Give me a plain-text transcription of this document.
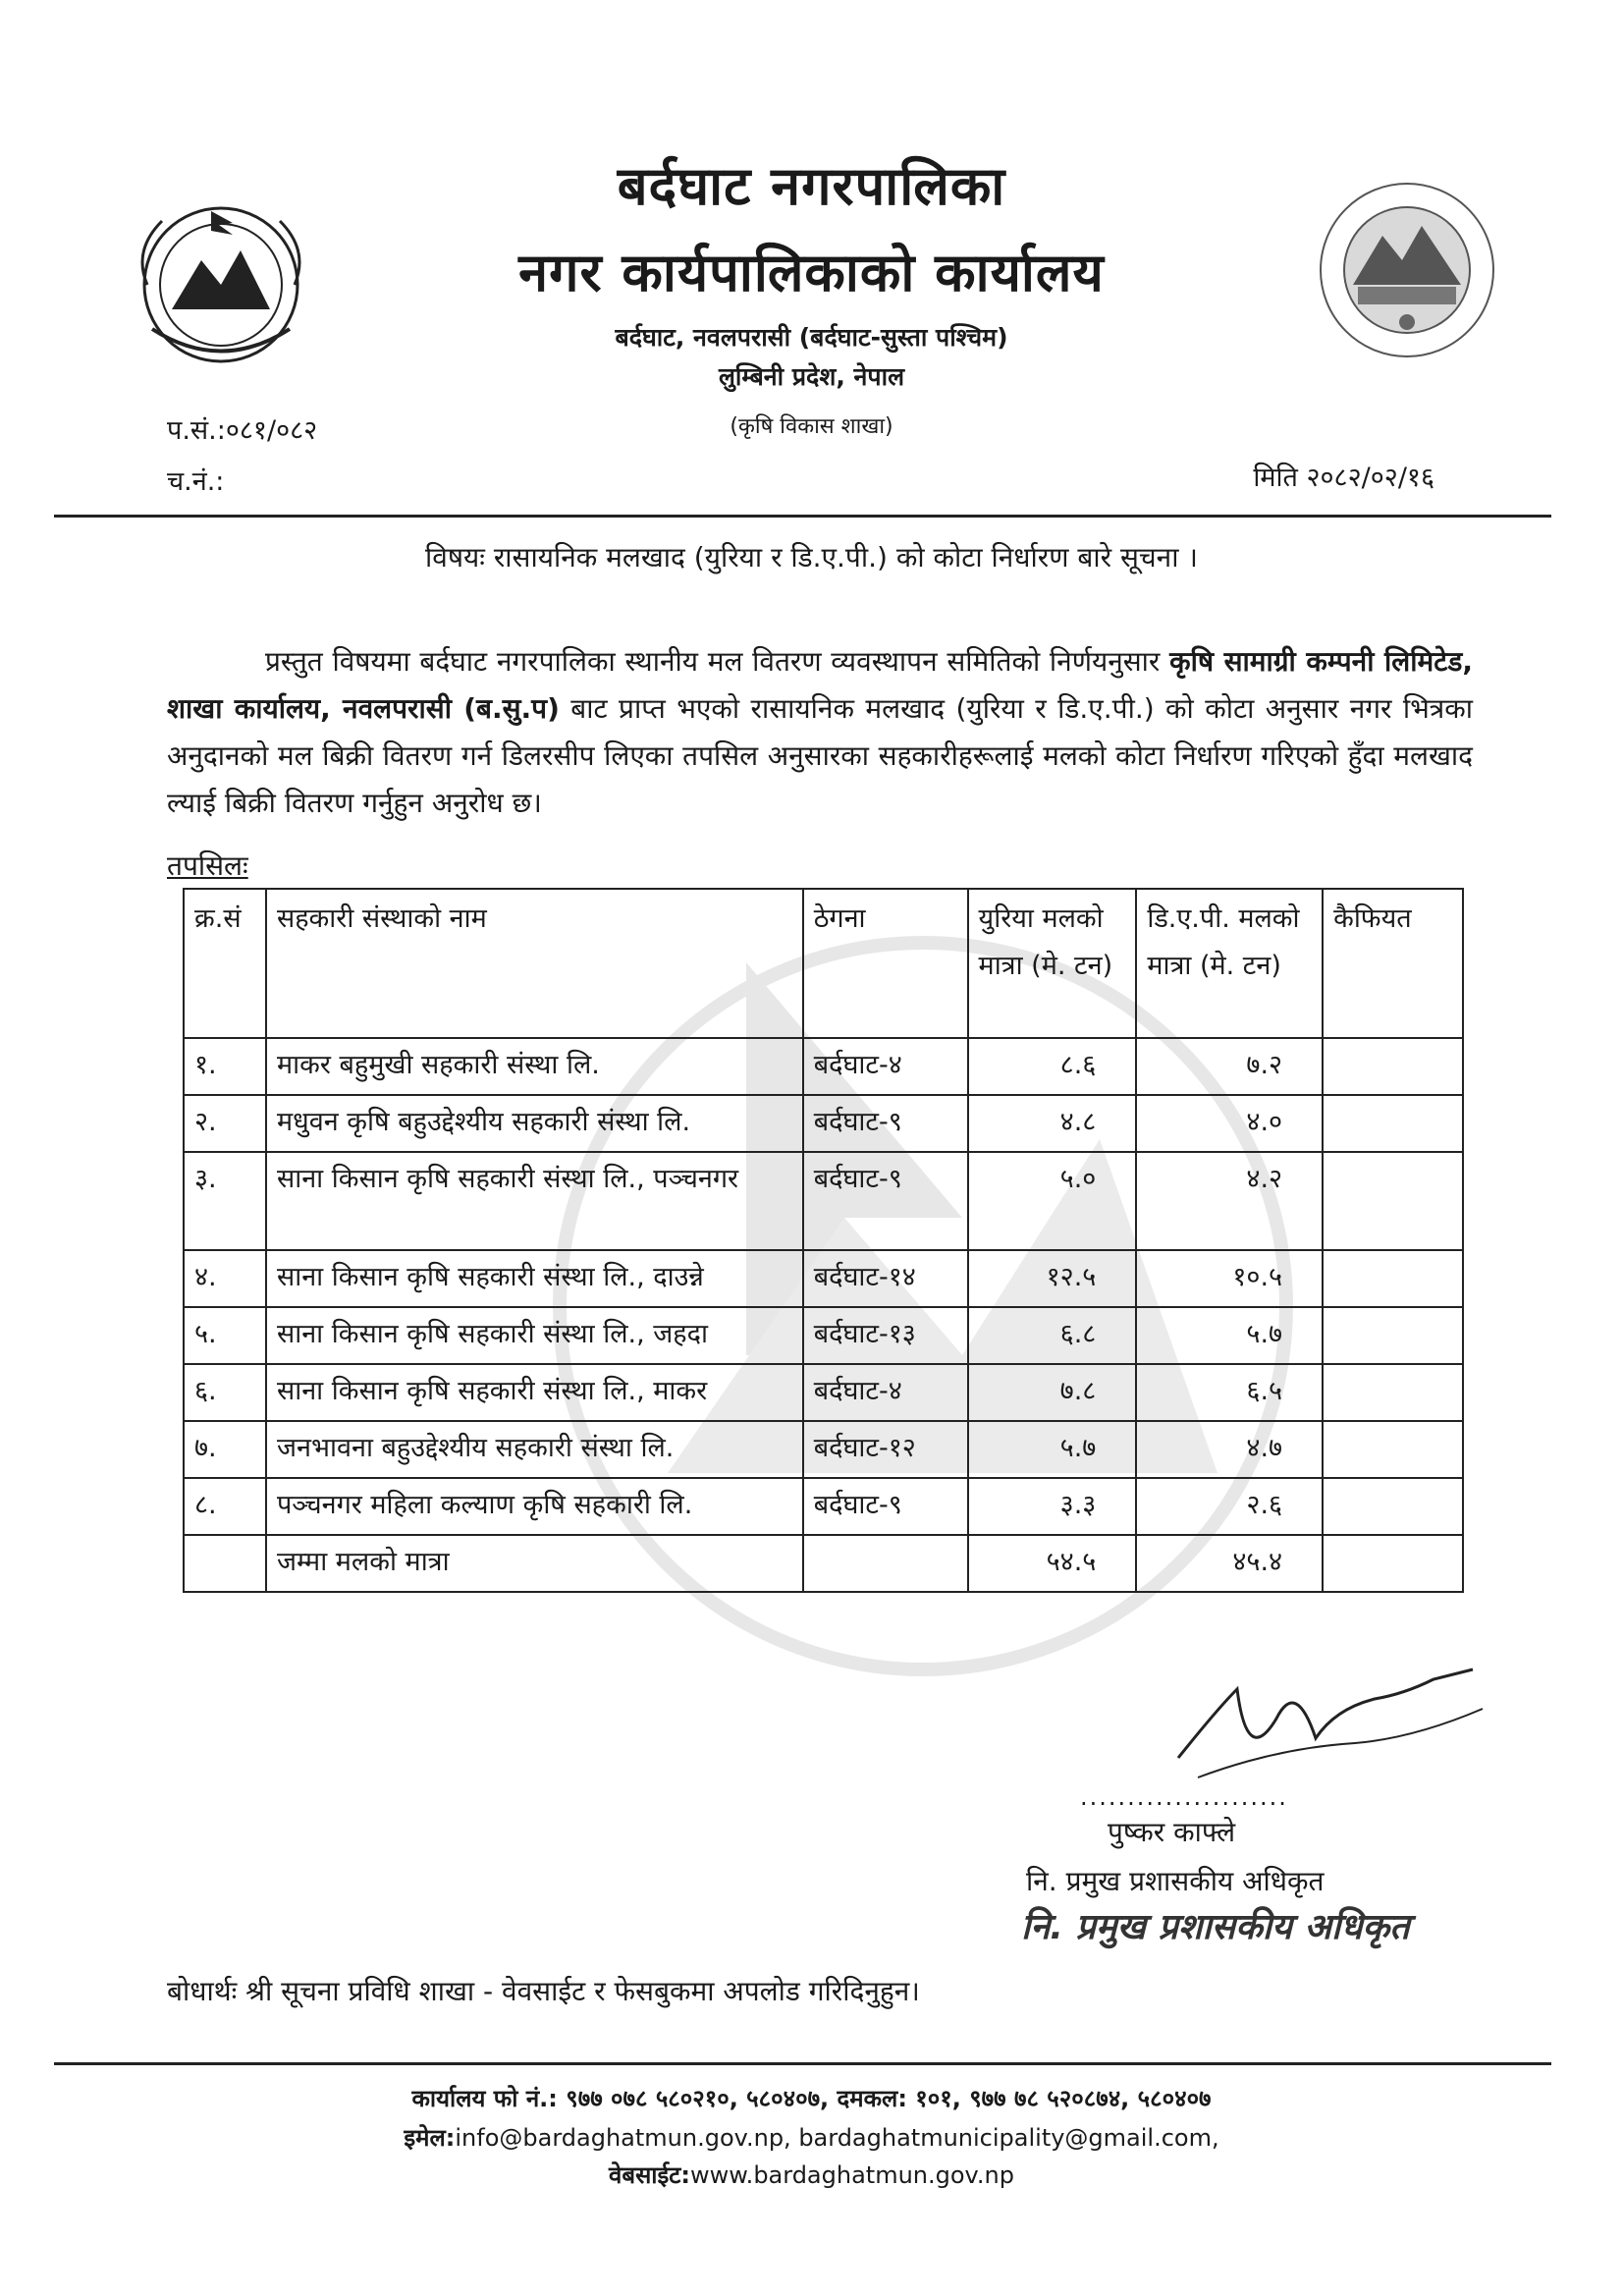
बर्दघाट नगरपालिका
नगर कार्यपालिकाको कार्यालय
बर्दघाट, नवलपरासी (बर्दघाट-सुस्ता पश्चिम)
लुम्बिनी प्रदेश, नेपाल
(कृषि विकास शाखा)
प.सं.:०८१/०८२
च.नं.:	मिति २०८२/०२/१६
विषयः रासायनिक मलखाद (युरिया र डि.ए.पी.) को कोटा निर्धारण बारे सूचना ।

प्रस्तुत विषयमा बर्दघाट नगरपालिका स्थानीय मल वितरण व्यवस्थापन समितिको निर्णयनुसार कृषि सामाग्री कम्पनी लिमिटेड, शाखा कार्यालय, नवलपरासी (ब.सु.प) बाट प्राप्त भएको रासायनिक मलखाद (युरिया र डि.ए.पी.) को कोटा अनुसार नगर भित्रका अनुदानको मल बिक्री वितरण गर्न डिलरसीप लिएका तपसिल अनुसारका सहकारीहरूलाई मलको कोटा निर्धारण गरिएको हुँदा मलखाद ल्याई बिक्री वितरण गर्नुहुन अनुरोध छ।

तपसिलः
क्र.सं	सहकारी संस्थाको नाम	ठेगना	युरिया मलको मात्रा (मे. टन)	डि.ए.पी. मलको मात्रा (मे. टन)	कैफियत
१.	माकर बहुमुखी सहकारी संस्था लि.	बर्दघाट-४	८.६	७.२	
२.	मधुवन कृषि बहुउद्देश्यीय सहकारी संस्था लि.	बर्दघाट-९	४.८	४.०	
३.	साना किसान कृषि सहकारी संस्था लि., पञ्चनगर	बर्दघाट-९	५.०	४.२	
४.	साना किसान कृषि सहकारी संस्था लि., दाउन्ने	बर्दघाट-१४	१२.५	१०.५	
५.	साना किसान कृषि सहकारी संस्था लि., जहदा	बर्दघाट-१३	६.८	५.७	
६.	साना किसान कृषि सहकारी संस्था लि., माकर	बर्दघाट-४	७.८	६.५	
७.	जनभावना बहुउद्देश्यीय सहकारी संस्था लि.	बर्दघाट-१२	५.७	४.७	
८.	पञ्चनगर महिला कल्याण कृषि सहकारी लि.	बर्दघाट-९	३.३	२.६	
	जम्मा मलको मात्रा		५४.५	४५.४	
......................
पुष्कर काफ्ले
नि. प्रमुख प्रशासकीय अधिकृत
नि. प्रमुख प्रशासकीय अधिकृत
बोधार्थः श्री सूचना प्रविधि शाखा - वेवसाईट र फेसबुकमा अपलोड गरिदिनुहुन।
कार्यालय फो नं.: ९७७ ०७८ ५८०२१०, ५८०४०७, दमकल: १०१, ९७७ ७८ ५२०८७४, ५८०४०७
इमेल:info@bardaghatmun.gov.np, bardaghatmunicipality@gmail.com,
वेबसाईट:www.bardaghatmun.gov.np
